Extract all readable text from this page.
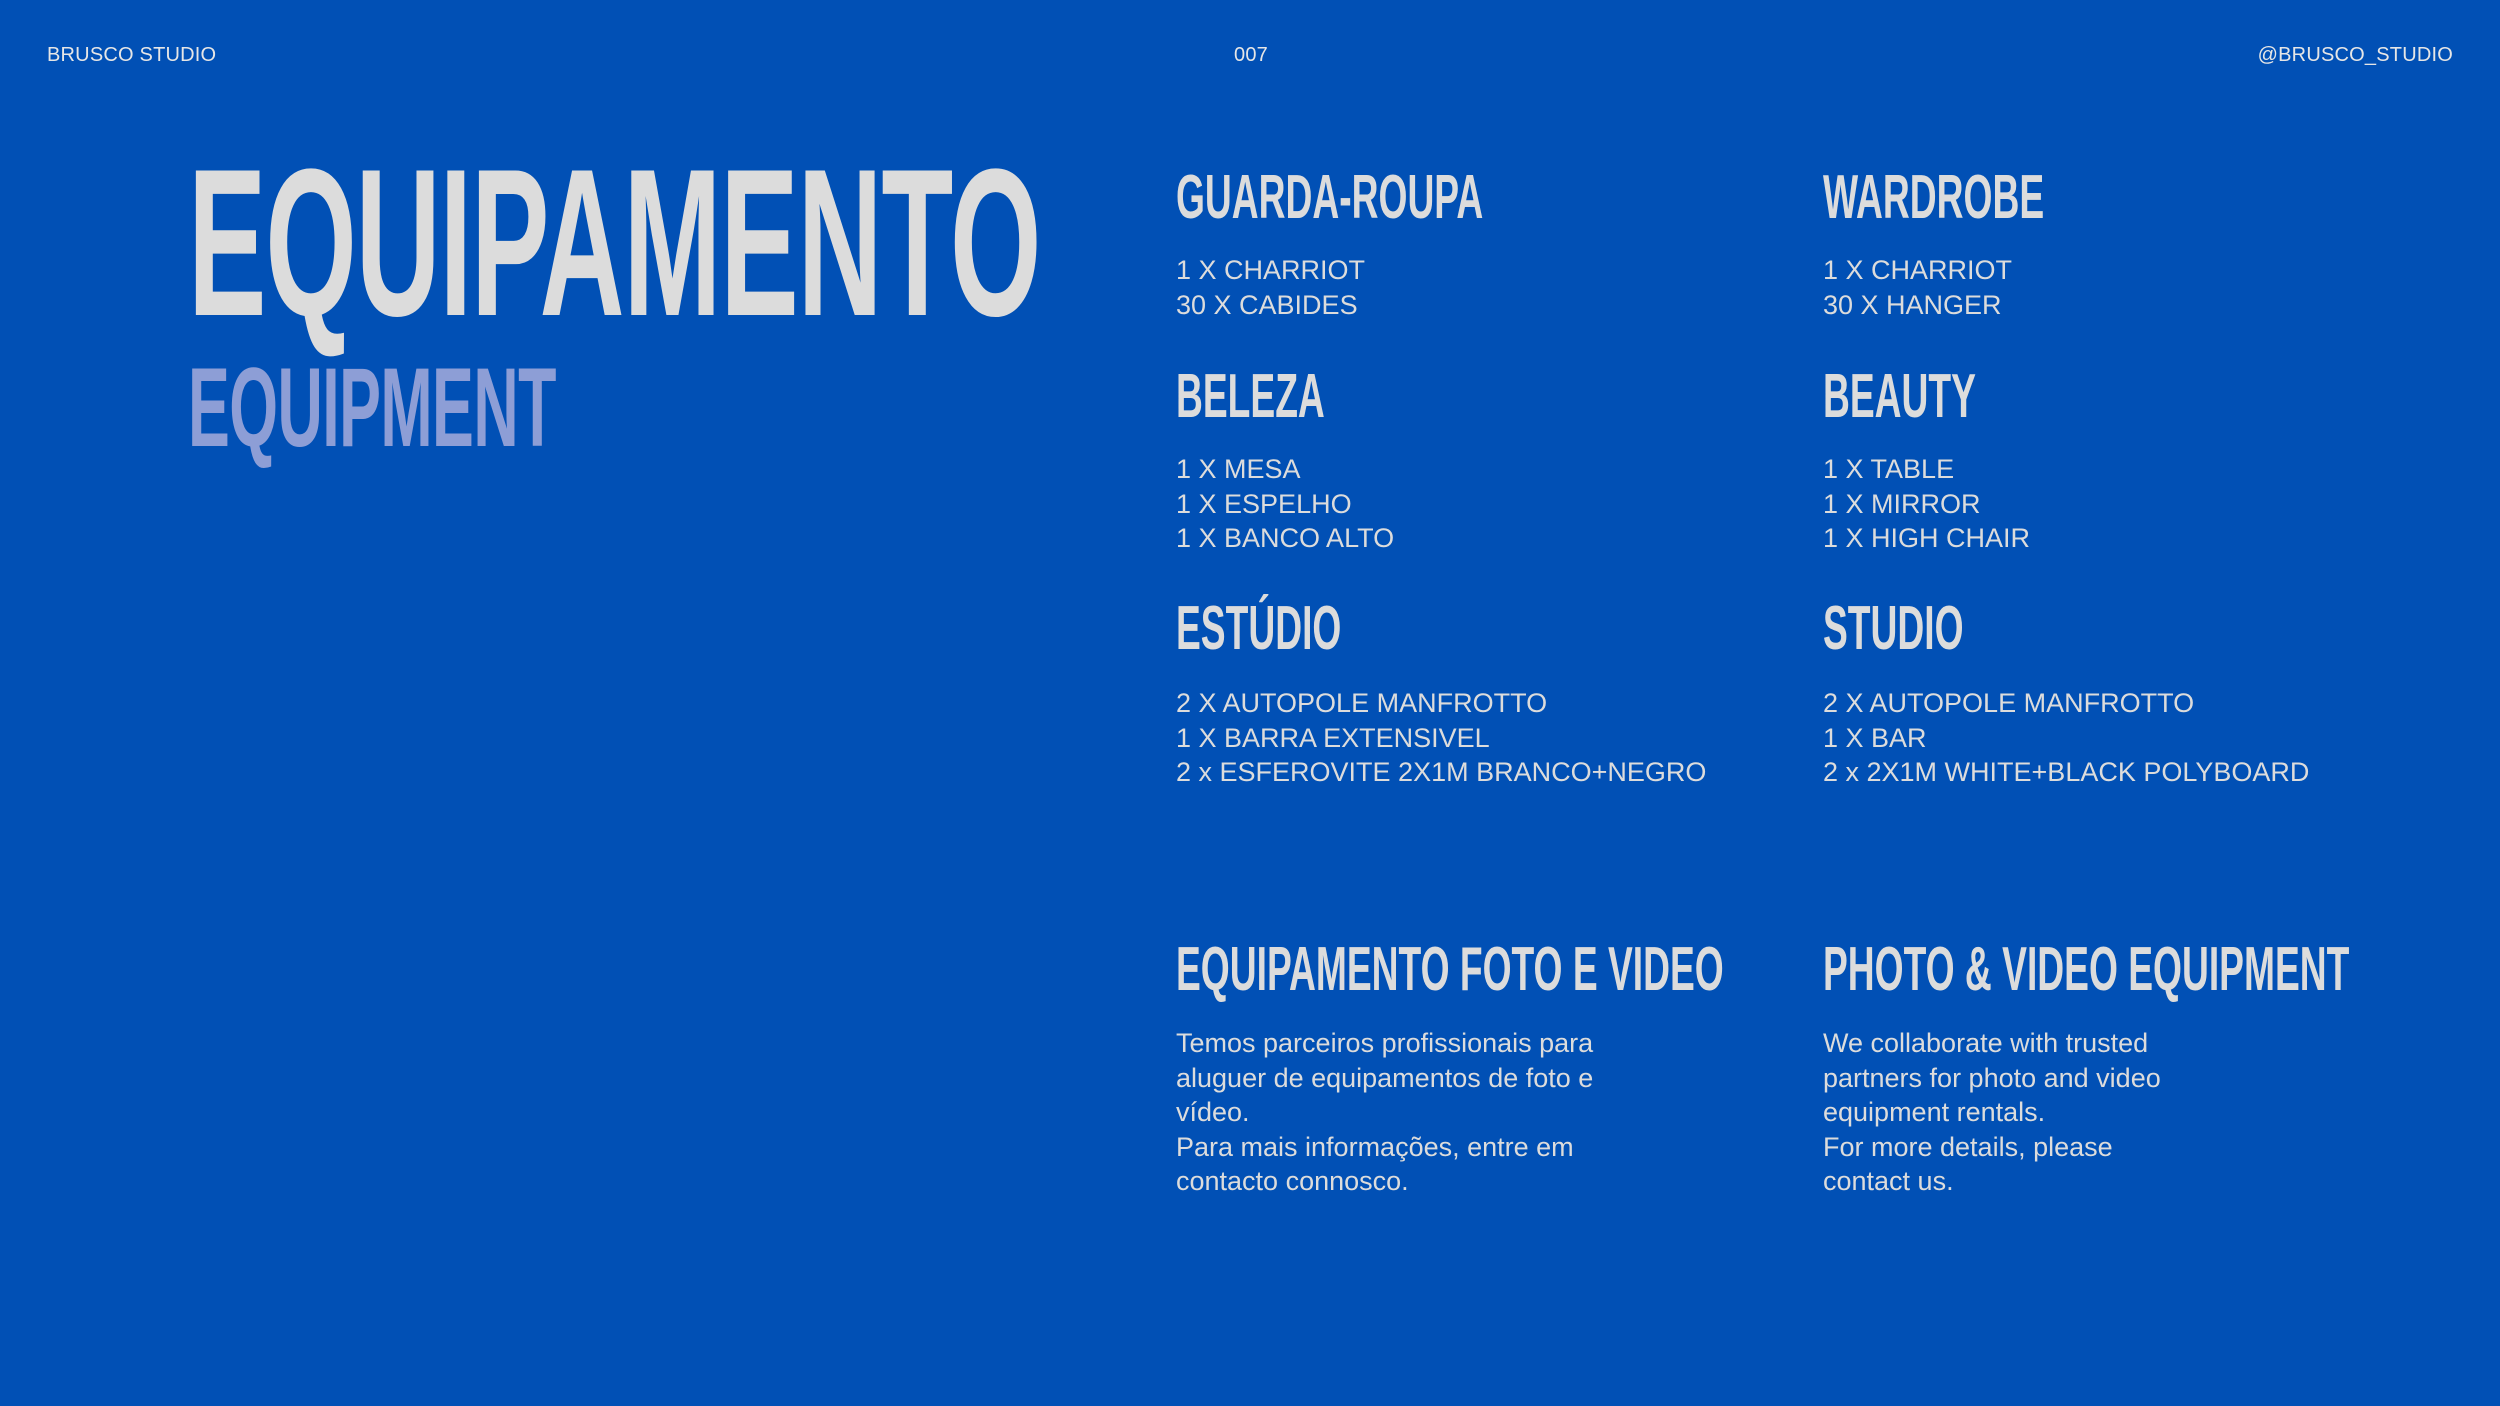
BRUSCO STUDIO	007	@BRUSCO_STUDIO
EQUIPAMENTO
EQUIPMENT
GUARDA-ROUPA
1 X CHARRIOT
30 X CABIDES
WARDROBE
1 X CHARRIOT
30 X HANGER
BELEZA
1 X MESA
1 X ESPELHO
1 X BANCO ALTO
BEAUTY
1 X TABLE
1 X MIRROR
1 X HIGH CHAIR
ESTÚDIO
2 X AUTOPOLE MANFROTTO
1 X BARRA EXTENSIVEL
2 x ESFEROVITE 2X1M BRANCO+NEGRO
STUDIO
2 X AUTOPOLE MANFROTTO
1 X BAR
2 x 2X1M WHITE+BLACK POLYBOARD
EQUIPAMENTO FOTO E VIDEO
Temos parceiros profissionais para
aluguer de equipamentos de foto e
vídeo.
Para mais informações, entre em
contacto connosco.
PHOTO & VIDEO EQUIPMENT
We collaborate with trusted
partners for photo and video
equipment rentals.
For more details, please
contact us.
